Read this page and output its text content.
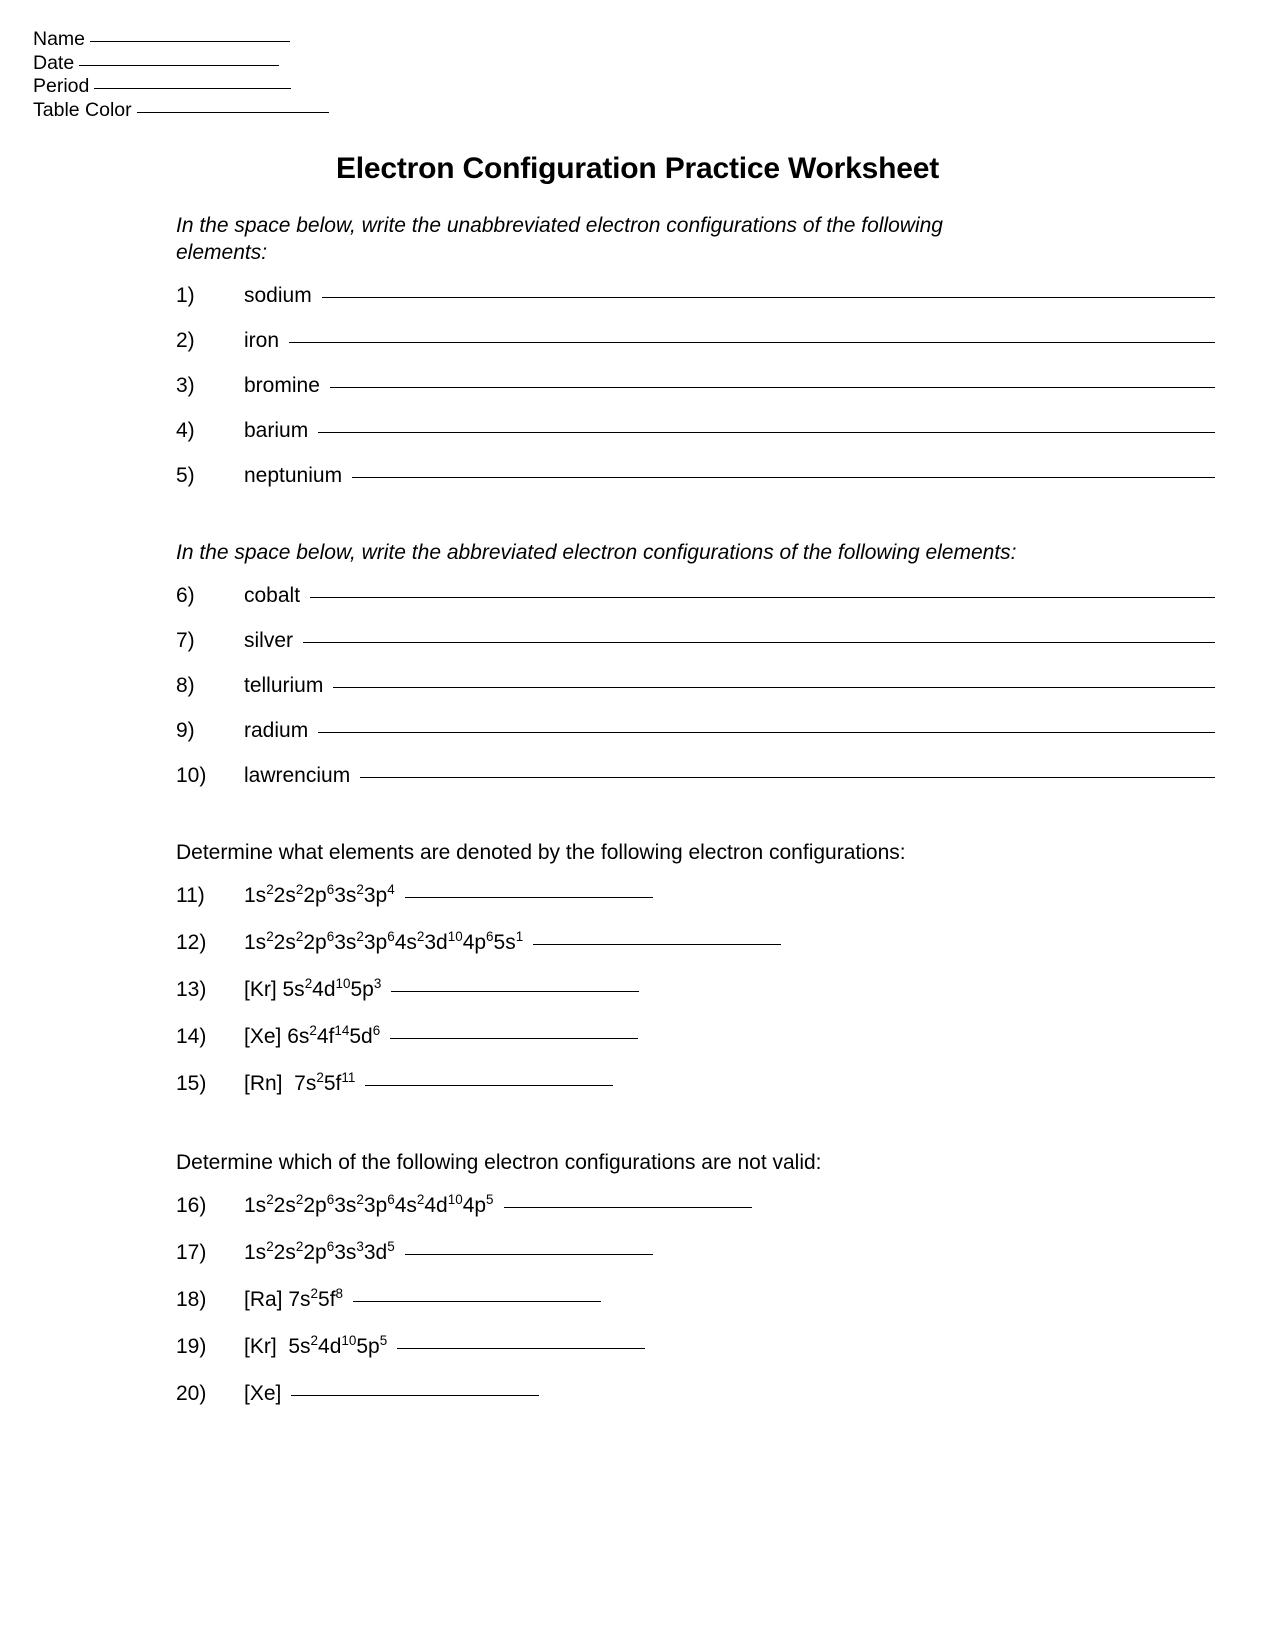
Name
Date
Period
Table Color
Electron Configuration Practice Worksheet
In the space below, write the unabbreviated electron configurations of the following elements:
1)	sodium
2)	iron
3)	bromine
4)	barium
5)	neptunium
In the space below, write the abbreviated electron configurations of the following elements:
6)	cobalt
7)	silver
8)	tellurium
9)	radium
10)	lawrencium
Determine what elements are denoted by the following electron configurations:
11)	$1s^22s^22p^63s^23p^4$
12)	$1s^22s^22p^63s^23p^64s^23d^{10}4p^65s^1$
13)	[Kr] $5s^24d^{10}5p^3$
14)	[Xe] $6s^24f^{14}5d^6$
15)	[Rn]  $7s^25f^{11}$
Determine which of the following electron configurations are not valid:
16)	$1s^22s^22p^63s^23p^64s^24d^{10}4p^5$
17)	$1s^22s^22p^63s^33d^5$
18)	[Ra] $7s^25f^8$
19)	[Kr]  $5s^24d^{10}5p^5$
20)	[Xe]
